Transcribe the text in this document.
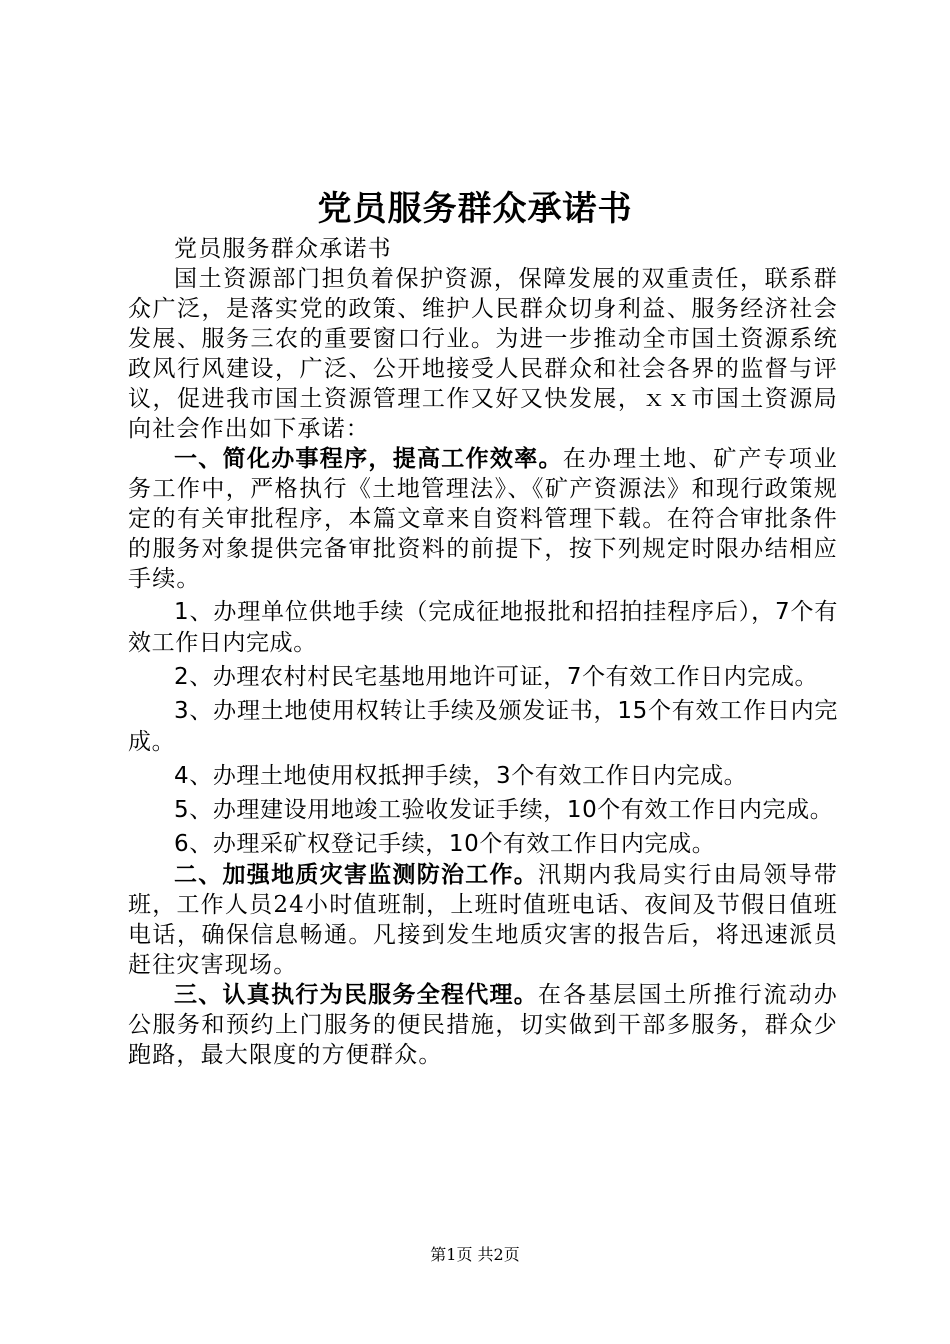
党员服务群众承诺书

党员服务群众承诺书

国土资源部门担负着保护资源，保障发展的双重责任，联系群众广泛，是落实党的政策、维护人民群众切身利益、服务经济社会发展、服务三农的重要窗口行业。为进一步推动全市国土资源系统政风行风建设，广泛、公开地接受人民群众和社会各界的监督与评议，促进我市国土资源管理工作又好又快发展，ｘｘ市国土资源局向社会作出如下承诺：

一、简化办事程序，提高工作效率。在办理土地、矿产专项业务工作中，严格执行《土地管理法》、《矿产资源法》和现行政策规定的有关审批程序，本篇文章来自资料管理下载。在符合审批条件的服务对象提供完备审批资料的前提下，按下列规定时限办结相应手续。

1、办理单位供地手续（完成征地报批和招拍挂程序后），7个有效工作日内完成。

2、办理农村村民宅基地用地许可证，7个有效工作日内完成。

3、办理土地使用权转让手续及颁发证书，15个有效工作日内完成。

4、办理土地使用权抵押手续，3个有效工作日内完成。

5、办理建设用地竣工验收发证手续，10个有效工作日内完成。

6、办理采矿权登记手续，10个有效工作日内完成。

二、加强地质灾害监测防治工作。汛期内我局实行由局领导带班，工作人员24小时值班制，上班时值班电话、夜间及节假日值班电话，确保信息畅通。凡接到发生地质灾害的报告后，将迅速派员赶往灾害现场。

三、认真执行为民服务全程代理。在各基层国土所推行流动办公服务和预约上门服务的便民措施，切实做到干部多服务，群众少跑路，最大限度的方便群众。

第1页 共2页
